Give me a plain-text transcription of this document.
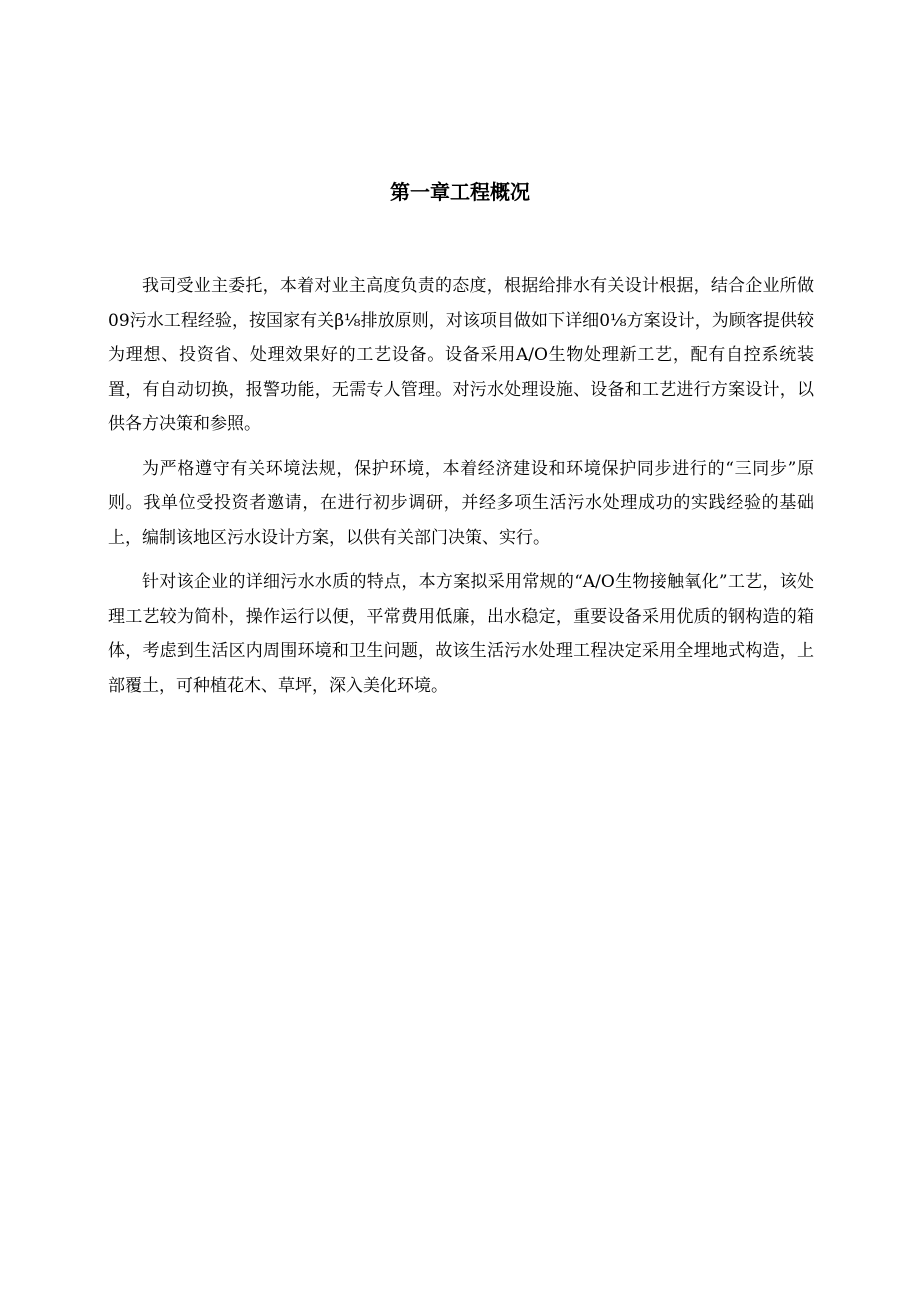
第一章工程概况

我司受业主委托，本着对业主高度负责的态度，根据给排水有关设计根据，结合企业所做09污水工程经验，按国家有关β⅛排放原则，对该项目做如下详细0⅛方案设计，为顾客提供较为理想、投资省、处理效果好的工艺设备。设备采用A/O生物处理新工艺，配有自控系统装置，有自动切换，报警功能，无需专人管理。对污水处理设施、设备和工艺进行方案设计，以供各方决策和参照。

为严格遵守有关环境法规，保护环境，本着经济建设和环境保护同步进行的“三同步”原则。我单位受投资者邀请，在进行初步调研，并经多项生活污水处理成功的实践经验的基础上，编制该地区污水设计方案，以供有关部门决策、实行。

针对该企业的详细污水水质的特点，本方案拟采用常规的“A/O生物接触氧化”工艺，该处理工艺较为简朴，操作运行以便，平常费用低廉，出水稳定，重要设备采用优质的钢构造的箱体，考虑到生活区内周围环境和卫生问题，故该生活污水处理工程决定采用全埋地式构造，上部覆土，可种植花木、草坪，深入美化环境。
